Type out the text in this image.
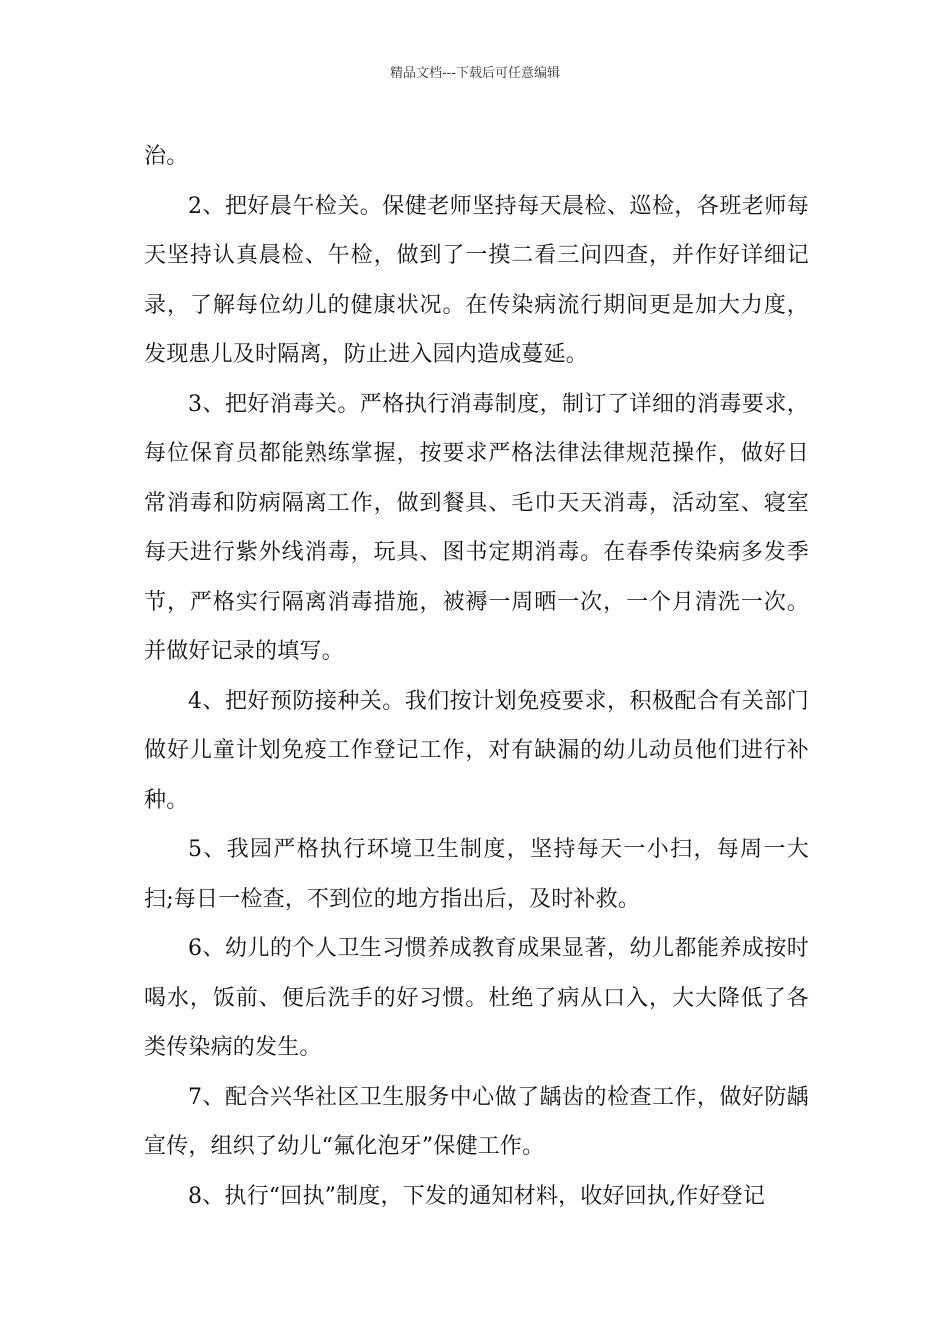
精品文档---下载后可任意编辑

治。

2、把好晨午检关。保健老师坚持每天晨检、巡检，各班老师每天坚持认真晨检、午检，做到了一摸二看三问四查，并作好详细记录，了解每位幼儿的健康状况。在传染病流行期间更是加大力度，发现患儿及时隔离，防止进入园内造成蔓延。

3、把好消毒关。严格执行消毒制度，制订了详细的消毒要求，每位保育员都能熟练掌握，按要求严格法律法律规范操作，做好日常消毒和防病隔离工作，做到餐具、毛巾天天消毒，活动室、寝室每天进行紫外线消毒，玩具、图书定期消毒。在春季传染病多发季节，严格实行隔离消毒措施，被褥一周晒一次，一个月清洗一次。并做好记录的填写。

4、把好预防接种关。我们按计划免疫要求，积极配合有关部门做好儿童计划免疫工作登记工作，对有缺漏的幼儿动员他们进行补种。

5、我园严格执行环境卫生制度，坚持每天一小扫，每周一大扫;每日一检查，不到位的地方指出后，及时补救。

6、幼儿的个人卫生习惯养成教育成果显著，幼儿都能养成按时喝水，饭前、便后洗手的好习惯。杜绝了病从口入，大大降低了各类传染病的发生。

7、配合兴华社区卫生服务中心做了龋齿的检查工作，做好防龋宣传，组织了幼儿“氟化泡牙”保健工作。

8、执行“回执”制度，下发的通知材料，收好回执,作好登记
